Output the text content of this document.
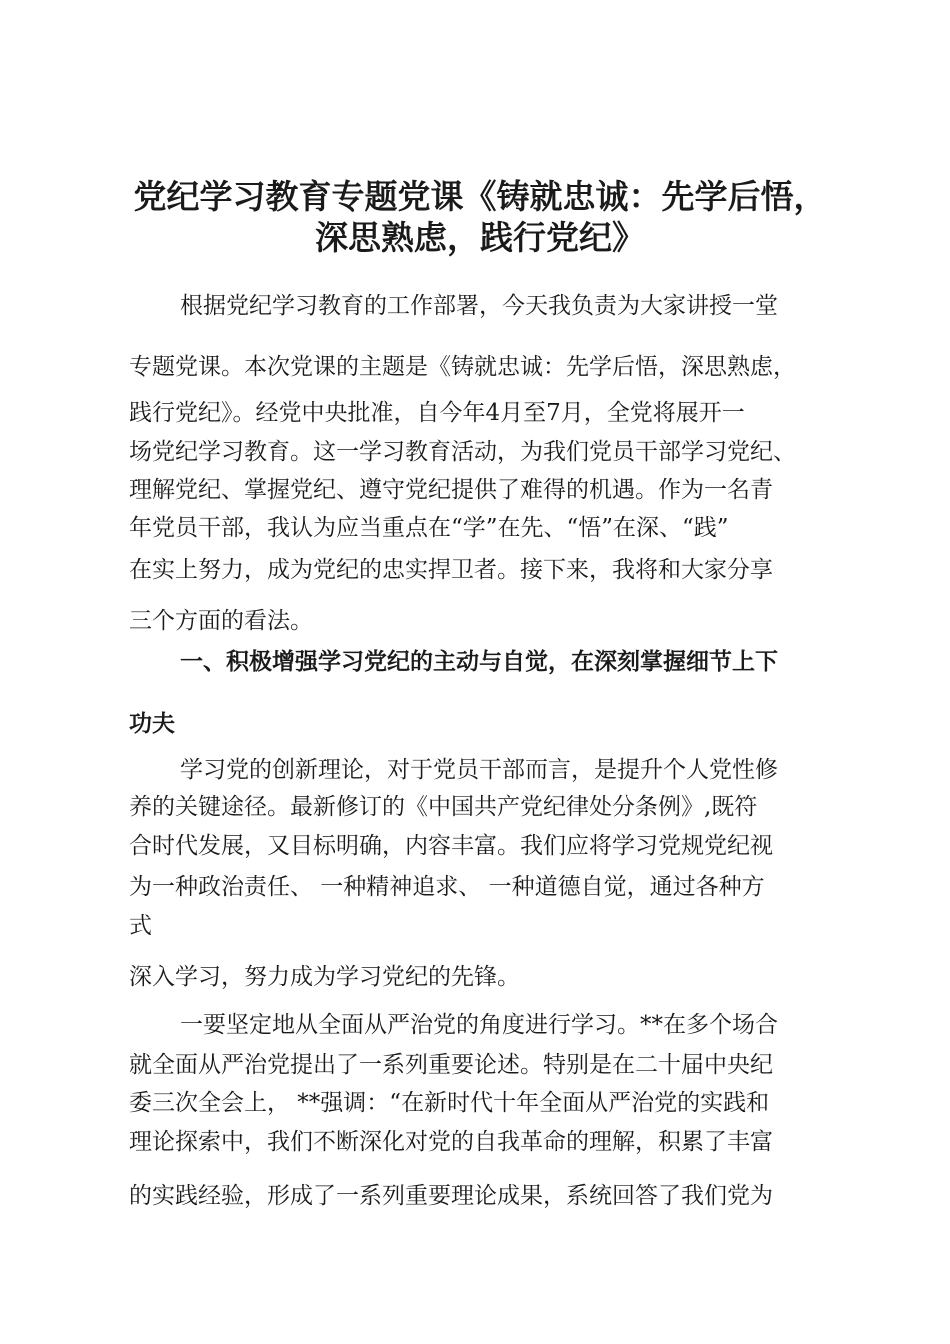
党纪学习教育专题党课《铸就忠诚：先学后悟，
深思熟虑，践行党纪》

根据党纪学习教育的工作部署，今天我负责为大家讲授一堂

专题党课。本次党课的主题是《铸就忠诚：先学后悟，深思熟虑，

践行党纪》。经党中央批准，自今年4月至7月，全党将展开一

场党纪学习教育。这一学习教育活动，为我们党员干部学习党纪、

理解党纪、掌握党纪、遵守党纪提供了难得的机遇。作为一名青

年党员干部，我认为应当重点在“学”在先、“悟”在深、“践”

在实上努力，成为党纪的忠实捍卫者。接下来，我将和大家分享

三个方面的看法。

一、积极增强学习党纪的主动与自觉，在深刻掌握细节上下

功夫

学习党的创新理论，对于党员干部而言，是提升个人党性修

养的关键途径。最新修订的《中国共产党纪律处分条例》,既符

合时代发展，又目标明确，内容丰富。我们应将学习党规党纪视

为一种政治责任、 一种精神追求、 一种道德自觉，通过各种方

式

深入学习，努力成为学习党纪的先锋。

一要坚定地从全面从严治党的角度进行学习。**在多个场合

就全面从严治党提出了一系列重要论述。特别是在二十届中央纪

委三次全会上， **强调：“在新时代十年全面从严治党的实践和

理论探索中，我们不断深化对党的自我革命的理解，积累了丰富

的实践经验，形成了一系列重要理论成果，系统回答了我们党为
